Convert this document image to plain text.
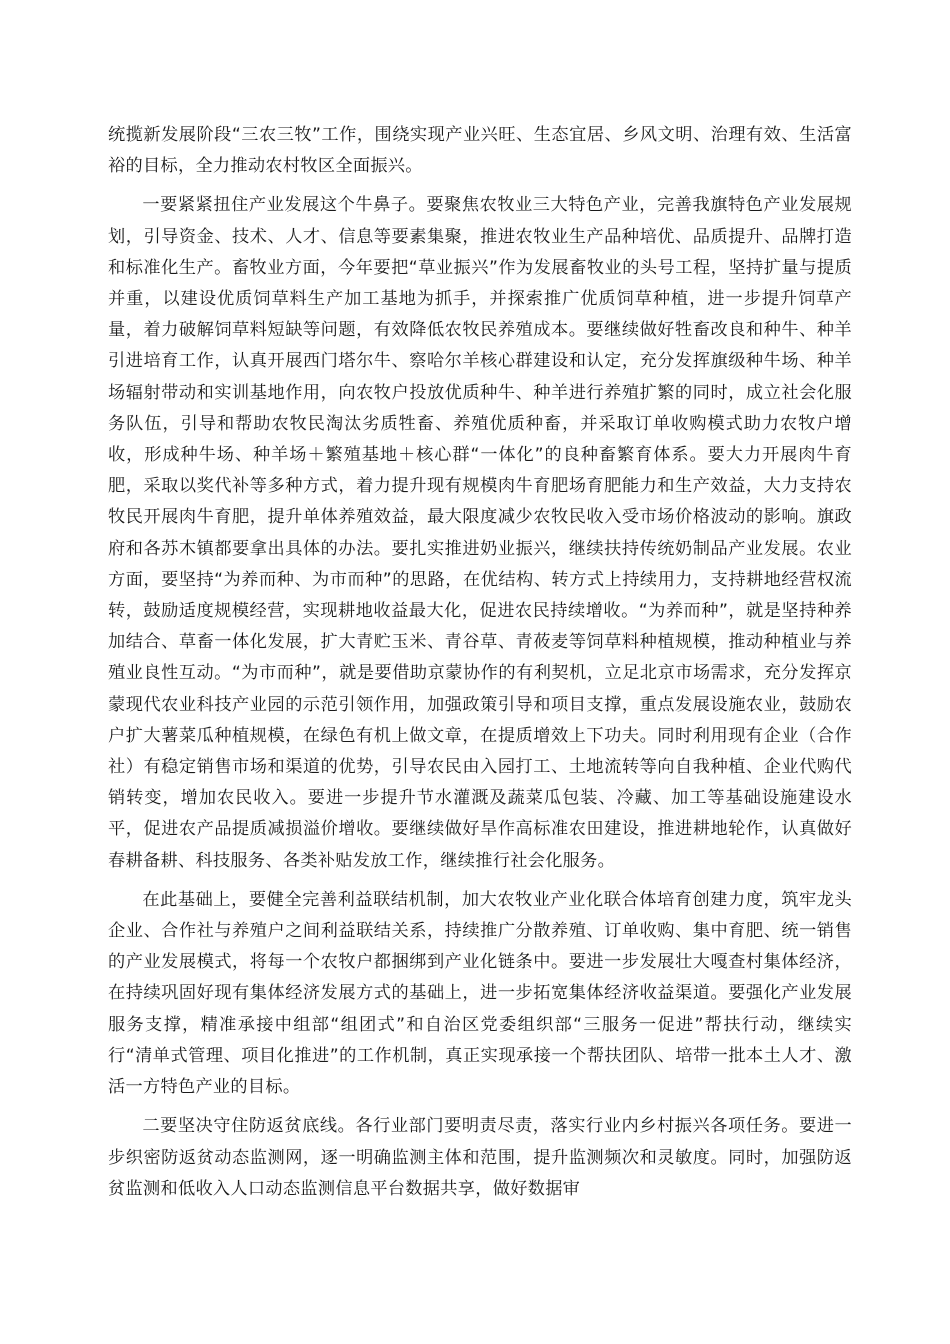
统揽新发展阶段“三农三牧”工作，围绕实现产业兴旺、生态宜居、乡风文明、治理有效、生活富裕的目标，全力推动农村牧区全面振兴。

一要紧紧扭住产业发展这个牛鼻子。要聚焦农牧业三大特色产业，完善我旗特色产业发展规划，引导资金、技术、人才、信息等要素集聚，推进农牧业生产品种培优、品质提升、品牌打造和标准化生产。畜牧业方面，今年要把“草业振兴”作为发展畜牧业的头号工程，坚持扩量与提质并重，以建设优质饲草料生产加工基地为抓手，并探索推广优质饲草种植，进一步提升饲草产量，着力破解饲草料短缺等问题，有效降低农牧民养殖成本。要继续做好牲畜改良和种牛、种羊引进培育工作，认真开展西门塔尔牛、察哈尔羊核心群建设和认定，充分发挥旗级种牛场、种羊场辐射带动和实训基地作用，向农牧户投放优质种牛、种羊进行养殖扩繁的同时，成立社会化服务队伍，引导和帮助农牧民淘汰劣质牲畜、养殖优质种畜，并采取订单收购模式助力农牧户增收，形成种牛场、种羊场＋繁殖基地＋核心群“一体化”的良种畜繁育体系。要大力开展肉牛育肥，采取以奖代补等多种方式，着力提升现有规模肉牛育肥场育肥能力和生产效益，大力支持农牧民开展肉牛育肥，提升单体养殖效益，最大限度减少农牧民收入受市场价格波动的影响。旗政府和各苏木镇都要拿出具体的办法。要扎实推进奶业振兴，继续扶持传统奶制品产业发展。农业方面，要坚持“为养而种、为市而种”的思路，在优结构、转方式上持续用力，支持耕地经营权流转，鼓励适度规模经营，实现耕地收益最大化，促进农民持续增收。“为养而种”，就是坚持种养加结合、草畜一体化发展，扩大青贮玉米、青谷草、青莜麦等饲草料种植规模，推动种植业与养殖业良性互动。“为市而种”，就是要借助京蒙协作的有利契机，立足北京市场需求，充分发挥京蒙现代农业科技产业园的示范引领作用，加强政策引导和项目支撑，重点发展设施农业，鼓励农户扩大薯菜瓜种植规模，在绿色有机上做文章，在提质增效上下功夫。同时利用现有企业（合作社）有稳定销售市场和渠道的优势，引导农民由入园打工、土地流转等向自我种植、企业代购代销转变，增加农民收入。要进一步提升节水灌溉及蔬菜瓜包装、冷藏、加工等基础设施建设水平，促进农产品提质减损溢价增收。要继续做好旱作高标准农田建设，推进耕地轮作，认真做好春耕备耕、科技服务、各类补贴发放工作，继续推行社会化服务。

在此基础上，要健全完善利益联结机制，加大农牧业产业化联合体培育创建力度，筑牢龙头企业、合作社与养殖户之间利益联结关系，持续推广分散养殖、订单收购、集中育肥、统一销售的产业发展模式，将每一个农牧户都捆绑到产业化链条中。要进一步发展壮大嘎查村集体经济，在持续巩固好现有集体经济发展方式的基础上，进一步拓宽集体经济收益渠道。要强化产业发展服务支撑，精准承接中组部“组团式”和自治区党委组织部“三服务一促进”帮扶行动，继续实行“清单式管理、项目化推进”的工作机制，真正实现承接一个帮扶团队、培带一批本土人才、激活一方特色产业的目标。

二要坚决守住防返贫底线。各行业部门要明责尽责，落实行业内乡村振兴各项任务。要进一步织密防返贫动态监测网，逐一明确监测主体和范围，提升监测频次和灵敏度。同时，加强防返贫监测和低收入人口动态监测信息平台数据共享，做好数据审
